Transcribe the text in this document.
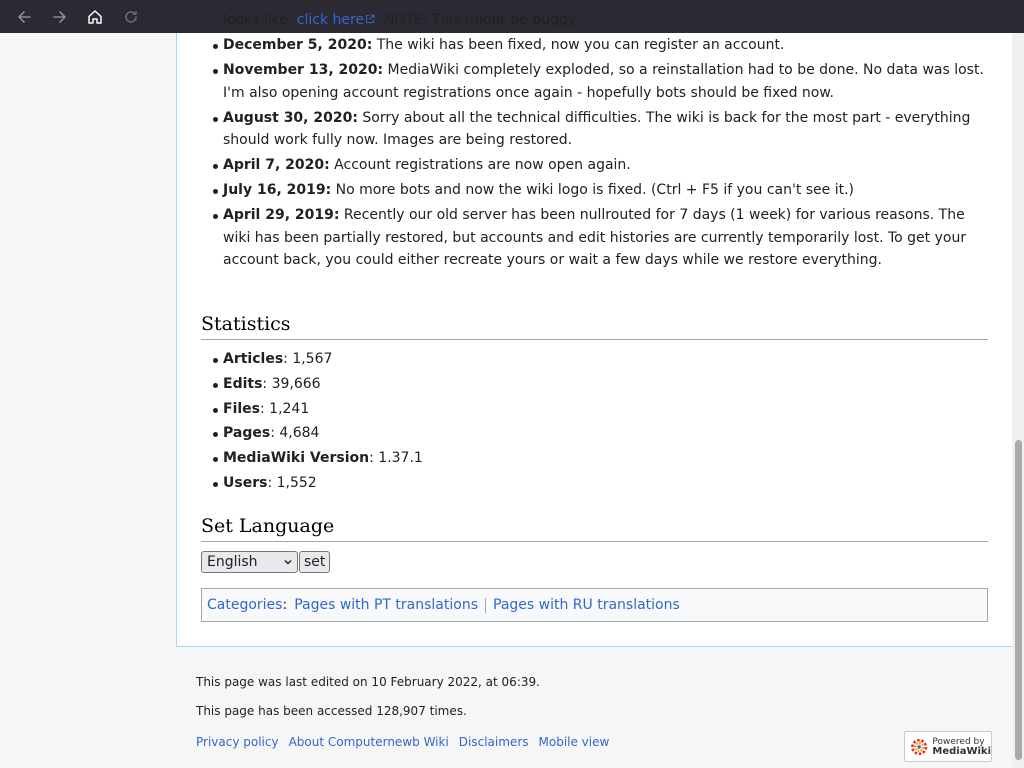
looks like, click here . NOTE: This might be buggy.
December 5, 2020: The wiki has been fixed, now you can register an account.
November 13, 2020: MediaWiki completely exploded, so a reinstallation had to be done. No data was lost. I'm also opening account registrations once again - hopefully bots should be fixed now.
August 30, 2020: Sorry about all the technical difficulties. The wiki is back for the most part - everything should work fully now. Images are being restored.
April 7, 2020: Account registrations are now open again.
July 16, 2019: No more bots and now the wiki logo is fixed. (Ctrl + F5 if you can't see it.)
April 29, 2019: Recently our old server has been nullrouted for 7 days (1 week) for various reasons. The wiki has been partially restored, but accounts and edit histories are currently temporarily lost. To get your account back, you could either recreate yours or wait a few days while we restore everything.
Statistics
Articles: 1,567
Edits: 39,666
Files: 1,241
Pages: 4,684
MediaWiki Version: 1.37.1
Users: 1,552
Set Language
English	set
Categories : Pages with PT translations Pages with RU translations
This page was last edited on 10 February 2022, at 06:39.
This page has been accessed 128,907 times.
Privacy policy About Computernewb Wiki Disclaimers Mobile view	Powered by
MediaWiki
